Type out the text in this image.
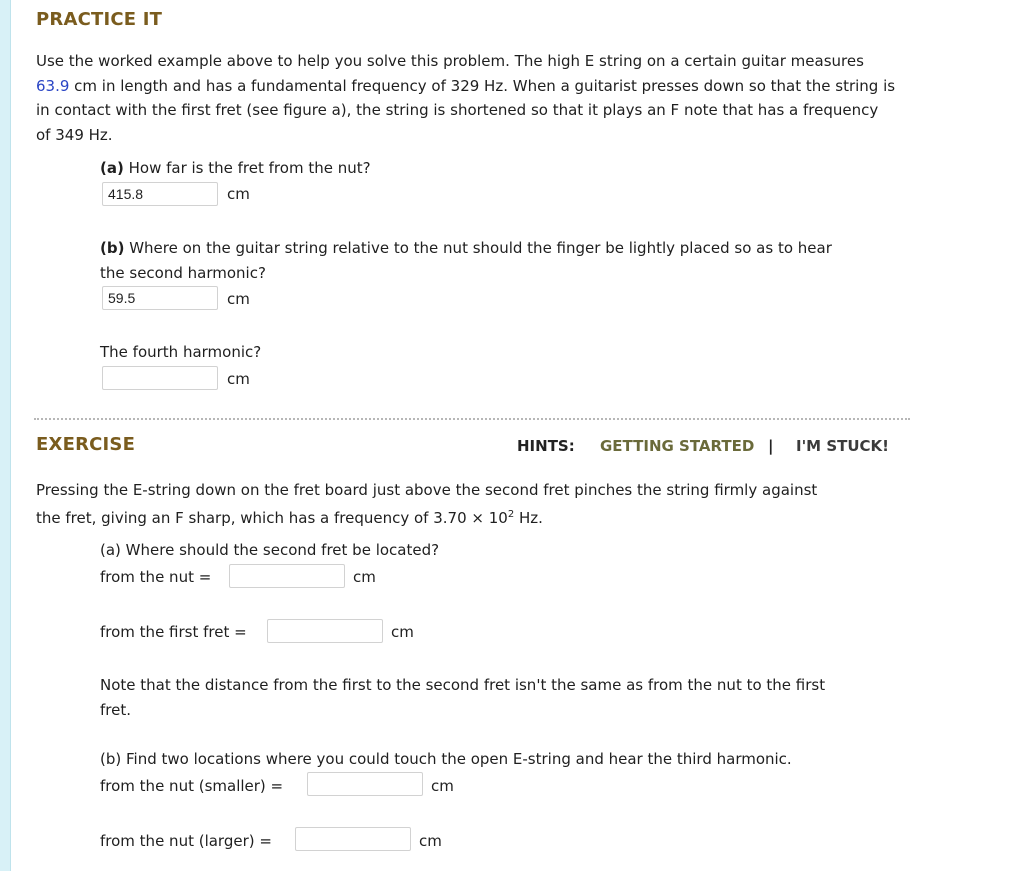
PRACTICE IT
Use the worked example above to help you solve this problem. The high E string on a certain guitar measures 63.9 cm in length and has a fundamental frequency of 329 Hz. When a guitarist presses down so that the string is in contact with the first fret (see figure a), the string is shortened so that it plays an F note that has a frequency of 349 Hz.
(a) How far is the fret from the nut?
415.8	cm
(b) Where on the guitar string relative to the nut should the finger be lightly placed so as to hear
the second harmonic?
59.5	cm
The fourth harmonic?
cm
EXERCISE	HINTS: GETTING STARTED | I'M STUCK!
Pressing the E-string down on the fret board just above the second fret pinches the string firmly against
the fret, giving an F sharp, which has a frequency of $3.70 \times 10^2$ Hz.
(a) Where should the second fret be located?
from the nut =	cm
from the first fret =	cm
Note that the distance from the first to the second fret isn't the same as from the nut to the first
fret.
(b) Find two locations where you could touch the open E-string and hear the third harmonic.
from the nut (smaller) =	cm
from the nut (larger) =	cm
